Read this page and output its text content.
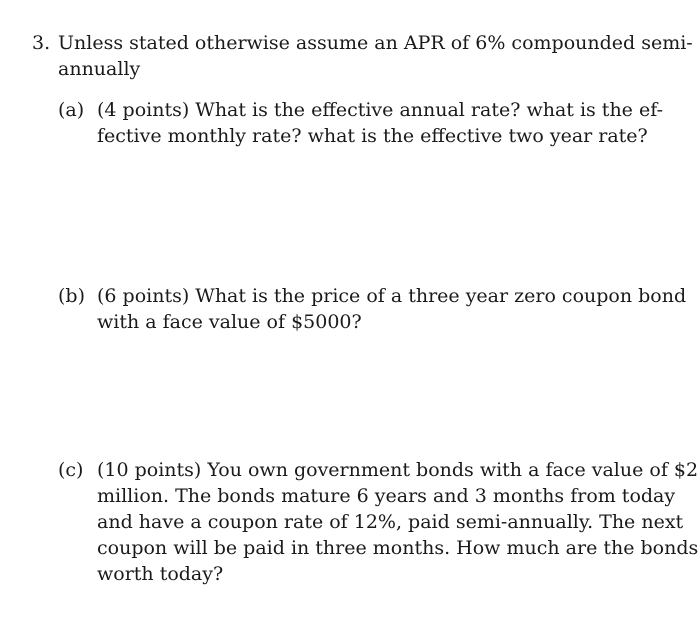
3. Unless stated otherwise assume an APR of 6% compounded semi-
annually
(a) (4 points) What is the effective annual rate? what is the ef-
fective monthly rate? what is the effective two year rate?
(b) (6 points) What is the price of a three year zero coupon bond
with a face value of $5000?
(c) (10 points) You own government bonds with a face value of $2
million. The bonds mature 6 years and 3 months from today
and have a coupon rate of 12%, paid semi-annually. The next
coupon will be paid in three months. How much are the bonds
worth today?
